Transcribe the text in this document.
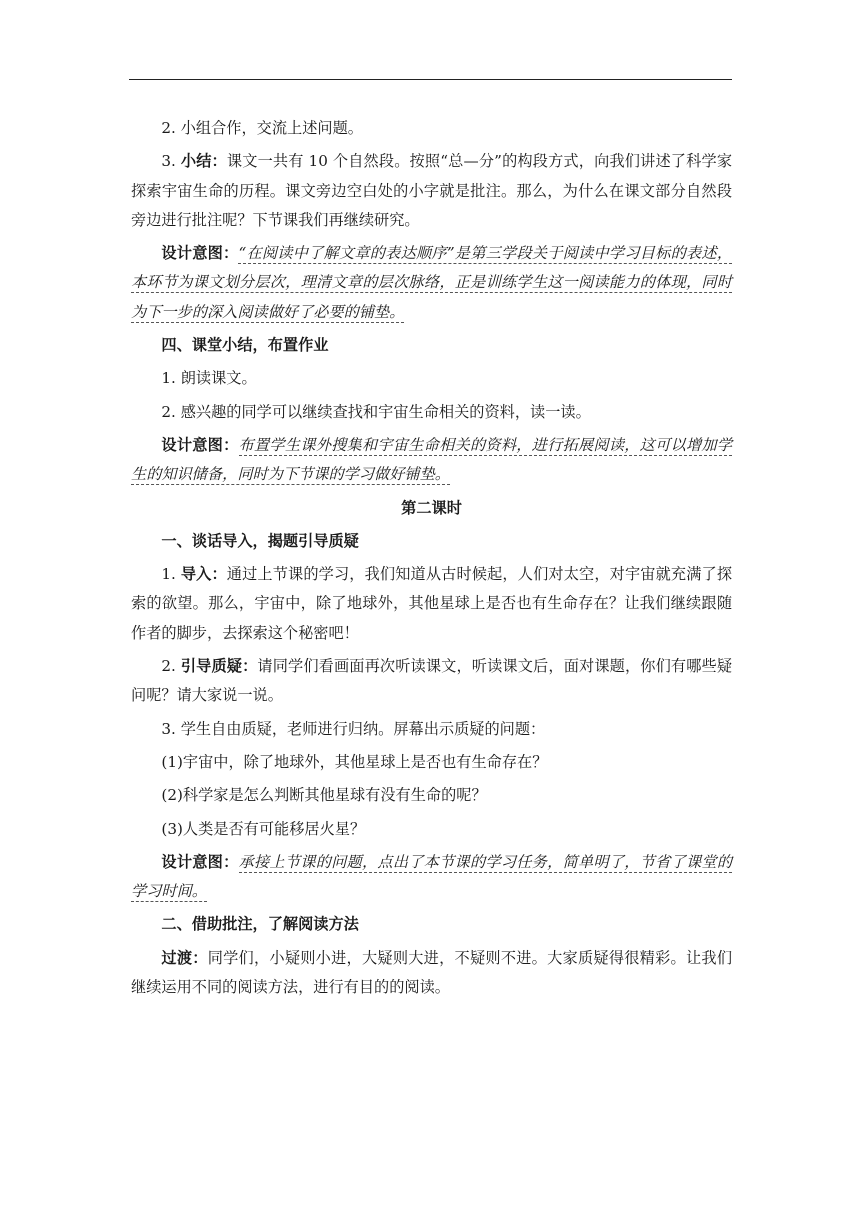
2. 小组合作，交流上述问题。

3. 小结：课文一共有 10 个自然段。按照“总—分”的构段方式，向我们讲述了科学家探索宇宙生命的历程。课文旁边空白处的小字就是批注。那么，为什么在课文部分自然段旁边进行批注呢？下节课我们再继续研究。

设计意图：“在阅读中了解文章的表达顺序”是第三学段关于阅读中学习目标的表述，本环节为课文划分层次，理清文章的层次脉络，正是训练学生这一阅读能力的体现，同时为下一步的深入阅读做好了必要的铺垫。

四、课堂小结，布置作业

1. 朗读课文。

2. 感兴趣的同学可以继续查找和宇宙生命相关的资料，读一读。

设计意图：布置学生课外搜集和宇宙生命相关的资料，进行拓展阅读，这可以增加学生的知识储备，同时为下节课的学习做好铺垫。

第二课时

一、谈话导入，揭题引导质疑

1. 导入：通过上节课的学习，我们知道从古时候起，人们对太空，对宇宙就充满了探索的欲望。那么，宇宙中，除了地球外，其他星球上是否也有生命存在？让我们继续跟随作者的脚步，去探索这个秘密吧！

2. 引导质疑：请同学们看画面再次听读课文，听读课文后，面对课题，你们有哪些疑问呢？请大家说一说。

3. 学生自由质疑，老师进行归纳。屏幕出示质疑的问题：

(1)宇宙中，除了地球外，其他星球上是否也有生命存在？

(2)科学家是怎么判断其他星球有没有生命的呢？

(3)人类是否有可能移居火星？

设计意图：承接上节课的问题，点出了本节课的学习任务，简单明了，节省了课堂的学习时间。

二、借助批注，了解阅读方法

过渡：同学们，小疑则小进，大疑则大进，不疑则不进。大家质疑得很精彩。让我们继续运用不同的阅读方法，进行有目的的阅读。
